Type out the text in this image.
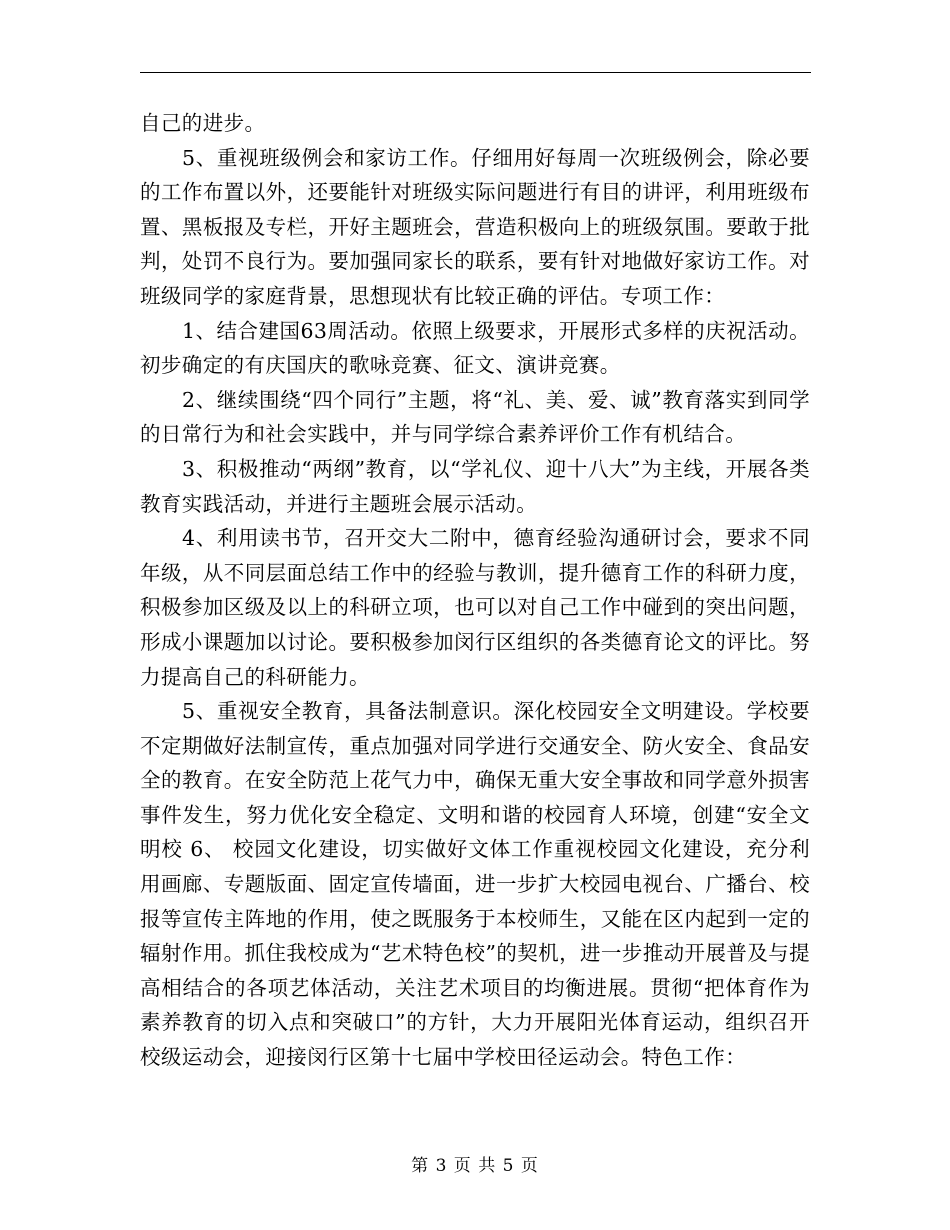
自己的进步。

5、重视班级例会和家访工作。仔细用好每周一次班级例会，除必要的工作布置以外，还要能针对班级实际问题进行有目的讲评，利用班级布置、黑板报及专栏，开好主题班会，营造积极向上的班级氛围。要敢于批判，处罚不良行为。要加强同家长的联系，要有针对地做好家访工作。对班级同学的家庭背景，思想现状有比较正确的评估。专项工作：

1、结合建国63周活动。依照上级要求，开展形式多样的庆祝活动。初步确定的有庆国庆的歌咏竞赛、征文、演讲竞赛。

2、继续围绕“四个同行”主题，将“礼、美、爱、诚”教育落实到同学的日常行为和社会实践中，并与同学综合素养评价工作有机结合。

3、积极推动“两纲”教育，以“学礼仪、迎十八大”为主线，开展各类教育实践活动，并进行主题班会展示活动。

4、利用读书节，召开交大二附中，德育经验沟通研讨会，要求不同年级，从不同层面总结工作中的经验与教训，提升德育工作的科研力度，积极参加区级及以上的科研立项，也可以对自己工作中碰到的突出问题，形成小课题加以讨论。要积极参加闵行区组织的各类德育论文的评比。努力提高自己的科研能力。

5、重视安全教育，具备法制意识。深化校园安全文明建设。学校要不定期做好法制宣传，重点加强对同学进行交通安全、防火安全、食品安全的教育。在安全防范上花气力中，确保无重大安全事故和同学意外损害事件发生，努力优化安全稳定、文明和谐的校园育人环境，创建“安全文明校 6、 校园文化建设，切实做好文体工作重视校园文化建设，充分利用画廊、专题版面、固定宣传墙面，进一步扩大校园电视台、广播台、校报等宣传主阵地的作用，使之既服务于本校师生，又能在区内起到一定的辐射作用。抓住我校成为“艺术特色校”的契机，进一步推动开展普及与提高相结合的各项艺体活动，关注艺术项目的均衡进展。贯彻“把体育作为素养教育的切入点和突破口”的方针，大力开展阳光体育运动，组织召开校级运动会，迎接闵行区第十七届中学校田径运动会。特色工作：

第 3 页 共 5 页
